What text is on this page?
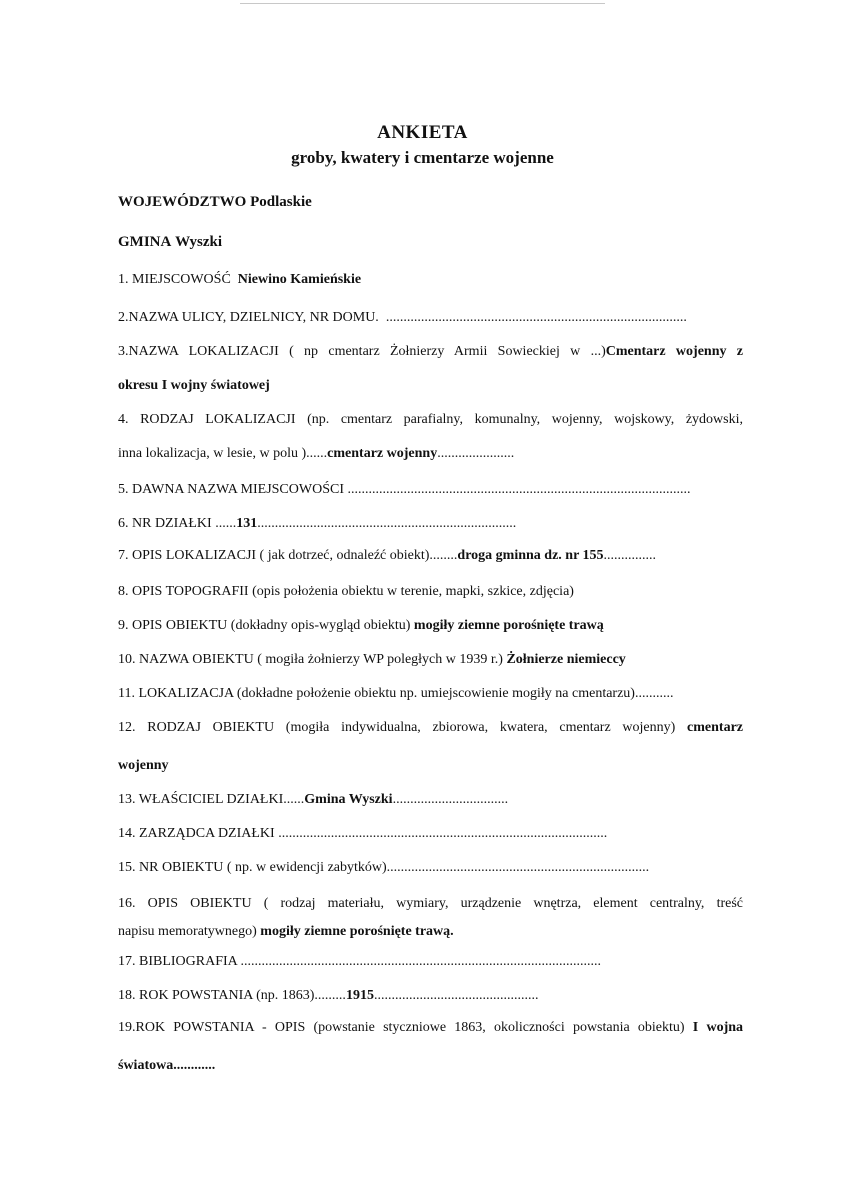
ANKIETA
groby, kwatery i cmentarze wojenne
WOJEWÓDZTWO Podlaskie
GMINA Wyszki
1. MIEJSCOWOŚĆ Niewino Kamieńskie
2.NAZWA ULICY, DZIELNICY, NR DOMU. ......................................................................................
3.NAZWA LOKALIZACJI ( np cmentarz Żołnierzy Armii Sowieckiej w ...)Cmentarz wojenny z
okresu I wojny światowej
4. RODZAJ LOKALIZACJI (np. cmentarz parafialny, komunalny, wojenny, wojskowy, żydowski,
inna lokalizacja, w lesie, w polu )......cmentarz wojenny......................
5. DAWNA NAZWA MIEJSCOWOŚCI ..................................................................................................
6. NR DZIAŁKI ......131..........................................................................
7. OPIS LOKALIZACJI ( jak dotrzeć, odnaleźć obiekt)........droga gminna dz. nr 155...............
8. OPIS TOPOGRAFII (opis położenia obiektu w terenie, mapki, szkice, zdjęcia)
9. OPIS OBIEKTU (dokładny opis-wygląd obiektu) mogiły ziemne porośnięte trawą
10. NAZWA OBIEKTU ( mogiła żołnierzy WP poległych w 1939 r.) Żołnierze niemieccy
11. LOKALIZACJA (dokładne położenie obiektu np. umiejscowienie mogiły na cmentarzu)...........
12. RODZAJ OBIEKTU (mogiła indywidualna, zbiorowa, kwatera, cmentarz wojenny) cmentarz
wojenny
13. WŁAŚCICIEL DZIAŁKI......Gmina Wyszki.................................
14. ZARZĄDCA DZIAŁKI ..............................................................................................
15. NR OBIEKTU ( np. w ewidencji zabytków)...........................................................................
16. OPIS OBIEKTU ( rodzaj materiału, wymiary, urządzenie wnętrza, element centralny, treść
napisu memoratywnego) mogiły ziemne porośnięte trawą.
17. BIBLIOGRAFIA .......................................................................................................
18. ROK POWSTANIA (np. 1863).........1915...............................................
19.ROK POWSTANIA - OPIS (powstanie styczniowe 1863, okoliczności powstania obiektu) I wojna
światowa............
